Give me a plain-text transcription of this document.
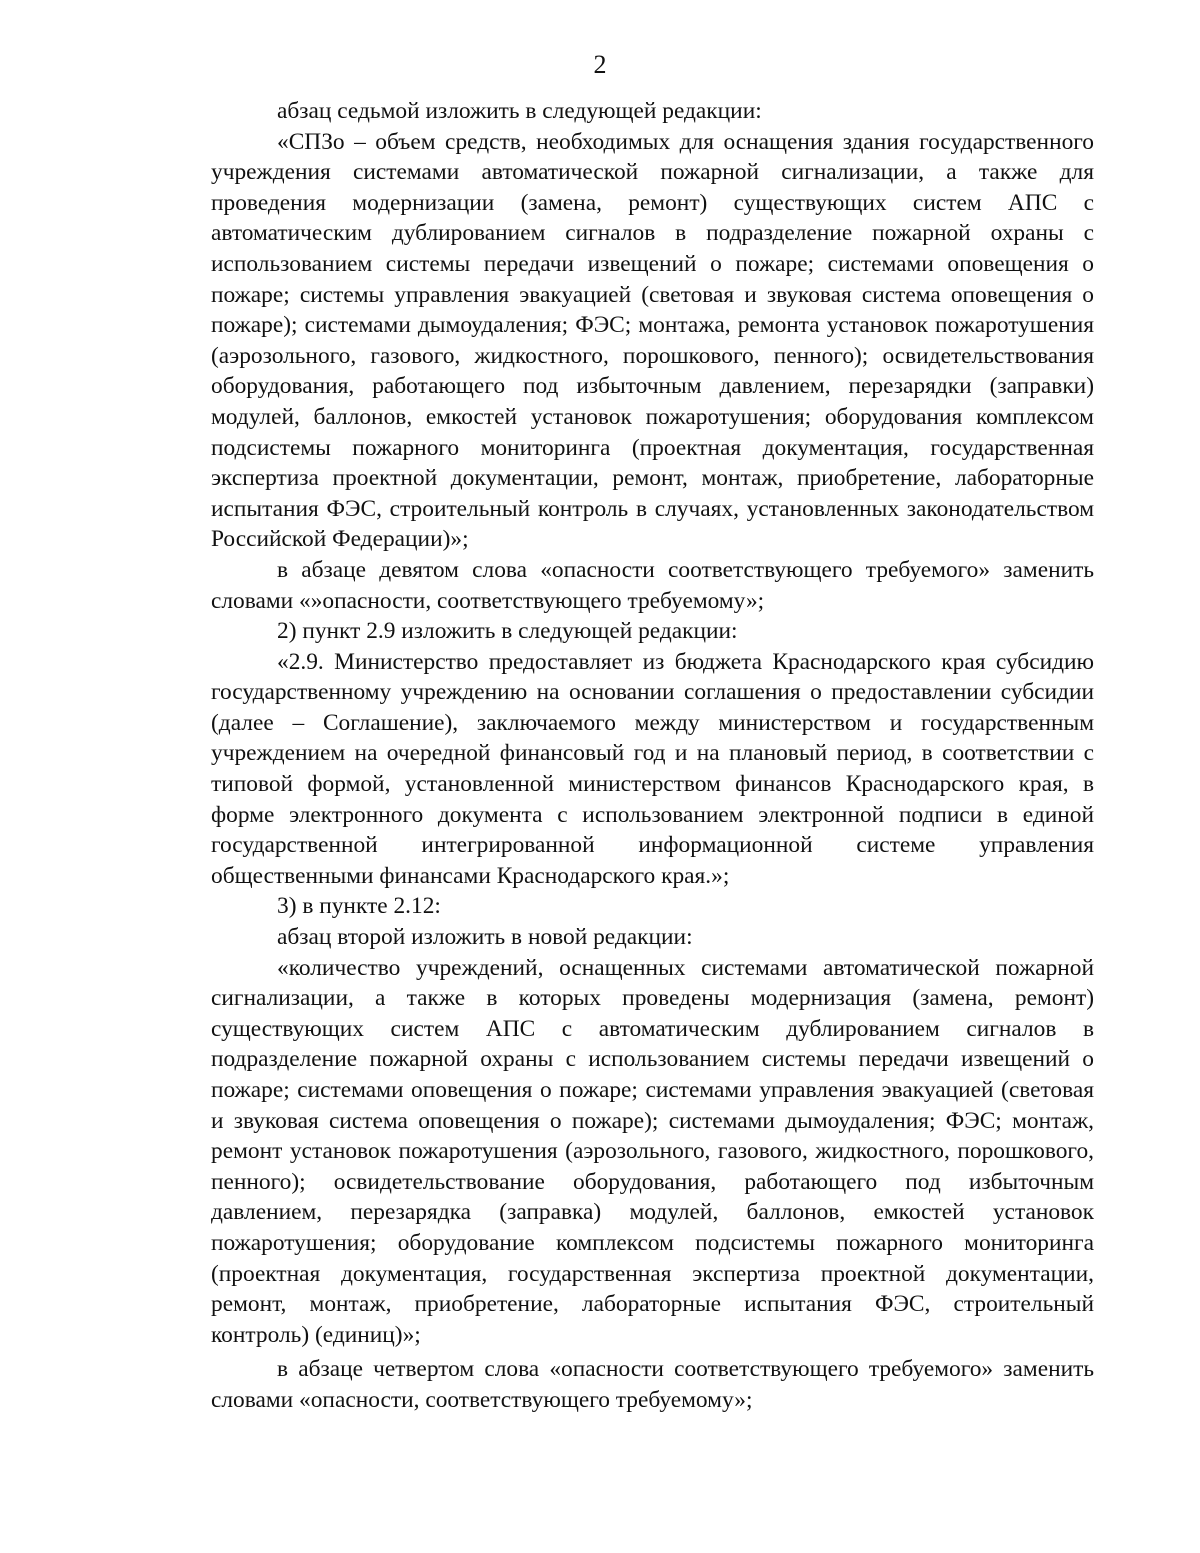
2

абзац седьмой изложить в следующей редакции:

«СПЗо – объем средств, необходимых для оснащения здания государственного учреждения системами автоматической пожарной сигнализации, а также для проведения модернизации (замена, ремонт) существующих систем АПС с автоматическим дублированием сигналов в подразделение пожарной охраны с использованием системы передачи извещений о пожаре; системами оповещения о пожаре; системы управления эвакуацией (световая и звуковая система оповещения о пожаре); системами дымоудаления; ФЭС; монтажа, ремонта установок пожаротушения (аэрозольного, газового, жидкостного, порошкового, пенного); освидетельствования оборудования, работающего под избыточным давлением, перезарядки (заправки) модулей, баллонов, емкостей установок пожаротушения; оборудования комплексом подсистемы пожарного мониторинга (проектная документация, государственная экспертиза проектной документации, ремонт, монтаж, приобретение, лабораторные испытания ФЭС, строительный контроль в случаях, установленных законодательством Российской Федерации)»;

в абзаце девятом слова «опасности соответствующего требуемого» заменить словами «»опасности, соответствующего требуемому»;

2) пункт 2.9 изложить в следующей редакции:

«2.9. Министерство предоставляет из бюджета Краснодарского края субсидию государственному учреждению на основании соглашения о предоставлении субсидии (далее – Соглашение), заключаемого между министерством и государственным учреждением на очередной финансовый год и на плановый период, в соответствии с типовой формой, установленной министерством финансов Краснодарского края, в форме электронного документа с использованием электронной подписи в единой государственной интегрированной информационной системе управления общественными финансами Краснодарского края.»;

3) в пункте 2.12:

абзац второй изложить в новой редакции:

«количество учреждений, оснащенных системами автоматической пожарной сигнализации, а также в которых проведены модернизация (замена, ремонт) существующих систем АПС с автоматическим дублированием сигналов в подразделение пожарной охраны с использованием системы передачи извещений о пожаре; системами оповещения о пожаре; системами управления эвакуацией (световая и звуковая система оповещения о пожаре); системами дымоудаления; ФЭС; монтаж, ремонт установок пожаротушения (аэрозольного, газового, жидкостного, порошкового, пенного); освидетельствование оборудования, работающего под избыточным давлением, перезарядка (заправка) модулей, баллонов, емкостей установок пожаротушения; оборудование комплексом подсистемы пожарного мониторинга (проектная документация, государственная экспертиза проектной документации, ремонт, монтаж, приобретение, лабораторные испытания ФЭС, строительный контроль) (единиц)»;

в абзаце четвертом слова «опасности соответствующего требуемого» заменить словами «опасности, соответствующего требуемому»;
